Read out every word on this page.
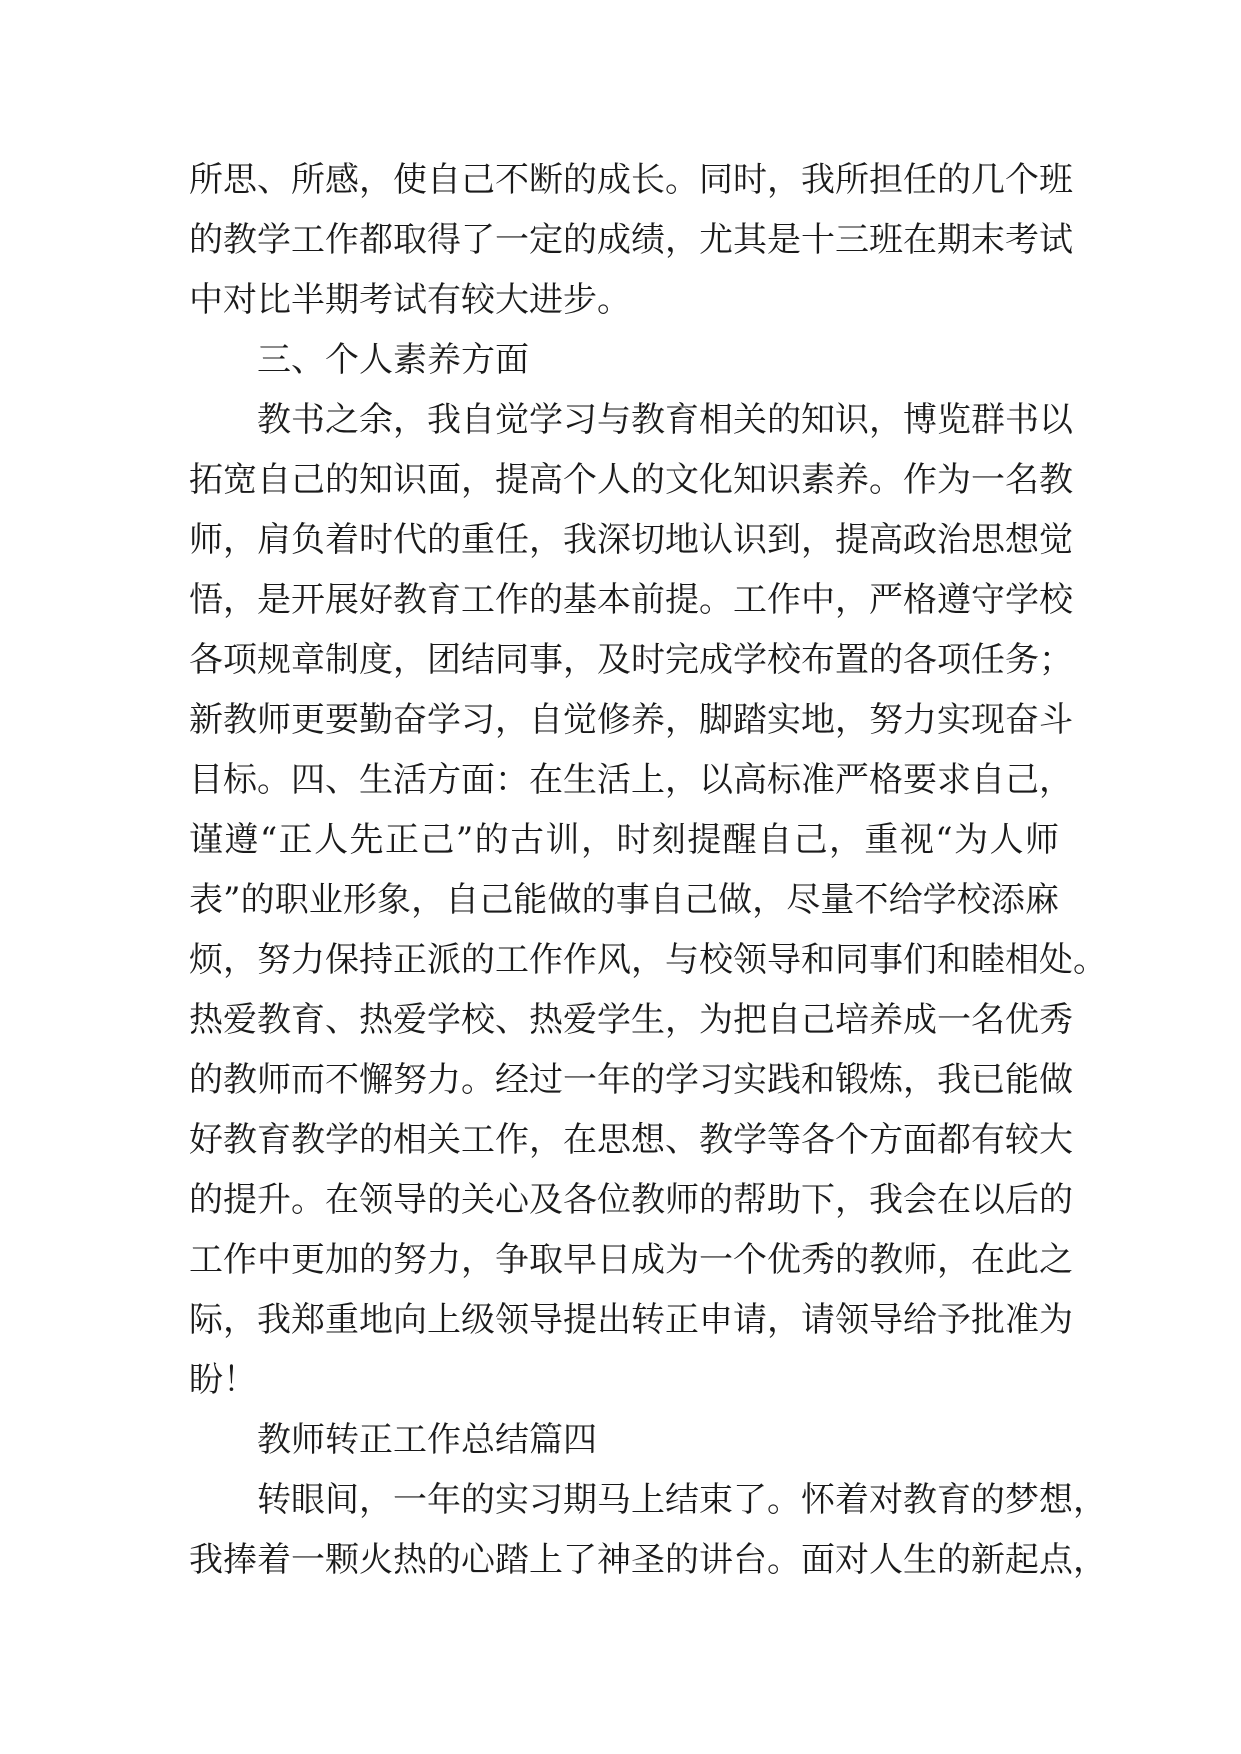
所思、所感，使自己不断的成长。同时，我所担任的几个班
的教学工作都取得了一定的成绩，尤其是十三班在期末考试
中对比半期考试有较大进步。
三、个人素养方面
教书之余，我自觉学习与教育相关的知识，博览群书以
拓宽自己的知识面，提高个人的文化知识素养。作为一名教
师，肩负着时代的重任，我深切地认识到，提高政治思想觉
悟，是开展好教育工作的基本前提。工作中，严格遵守学校
各项规章制度，团结同事，及时完成学校布置的各项任务；
新教师更要勤奋学习，自觉修养，脚踏实地，努力实现奋斗
目标。四、生活方面：在生活上，以高标准严格要求自己，
谨遵“正人先正己”的古训，时刻提醒自己，重视“为人师
表”的职业形象，自己能做的事自己做，尽量不给学校添麻
烦，努力保持正派的工作作风，与校领导和同事们和睦相处。
热爱教育、热爱学校、热爱学生，为把自己培养成一名优秀
的教师而不懈努力。经过一年的学习实践和锻炼，我已能做
好教育教学的相关工作，在思想、教学等各个方面都有较大
的提升。在领导的关心及各位教师的帮助下，我会在以后的
工作中更加的努力，争取早日成为一个优秀的教师，在此之
际，我郑重地向上级领导提出转正申请，请领导给予批准为
盼！
教师转正工作总结篇四
转眼间，一年的实习期马上结束了。怀着对教育的梦想，
我捧着一颗火热的心踏上了神圣的讲台。面对人生的新起点，
